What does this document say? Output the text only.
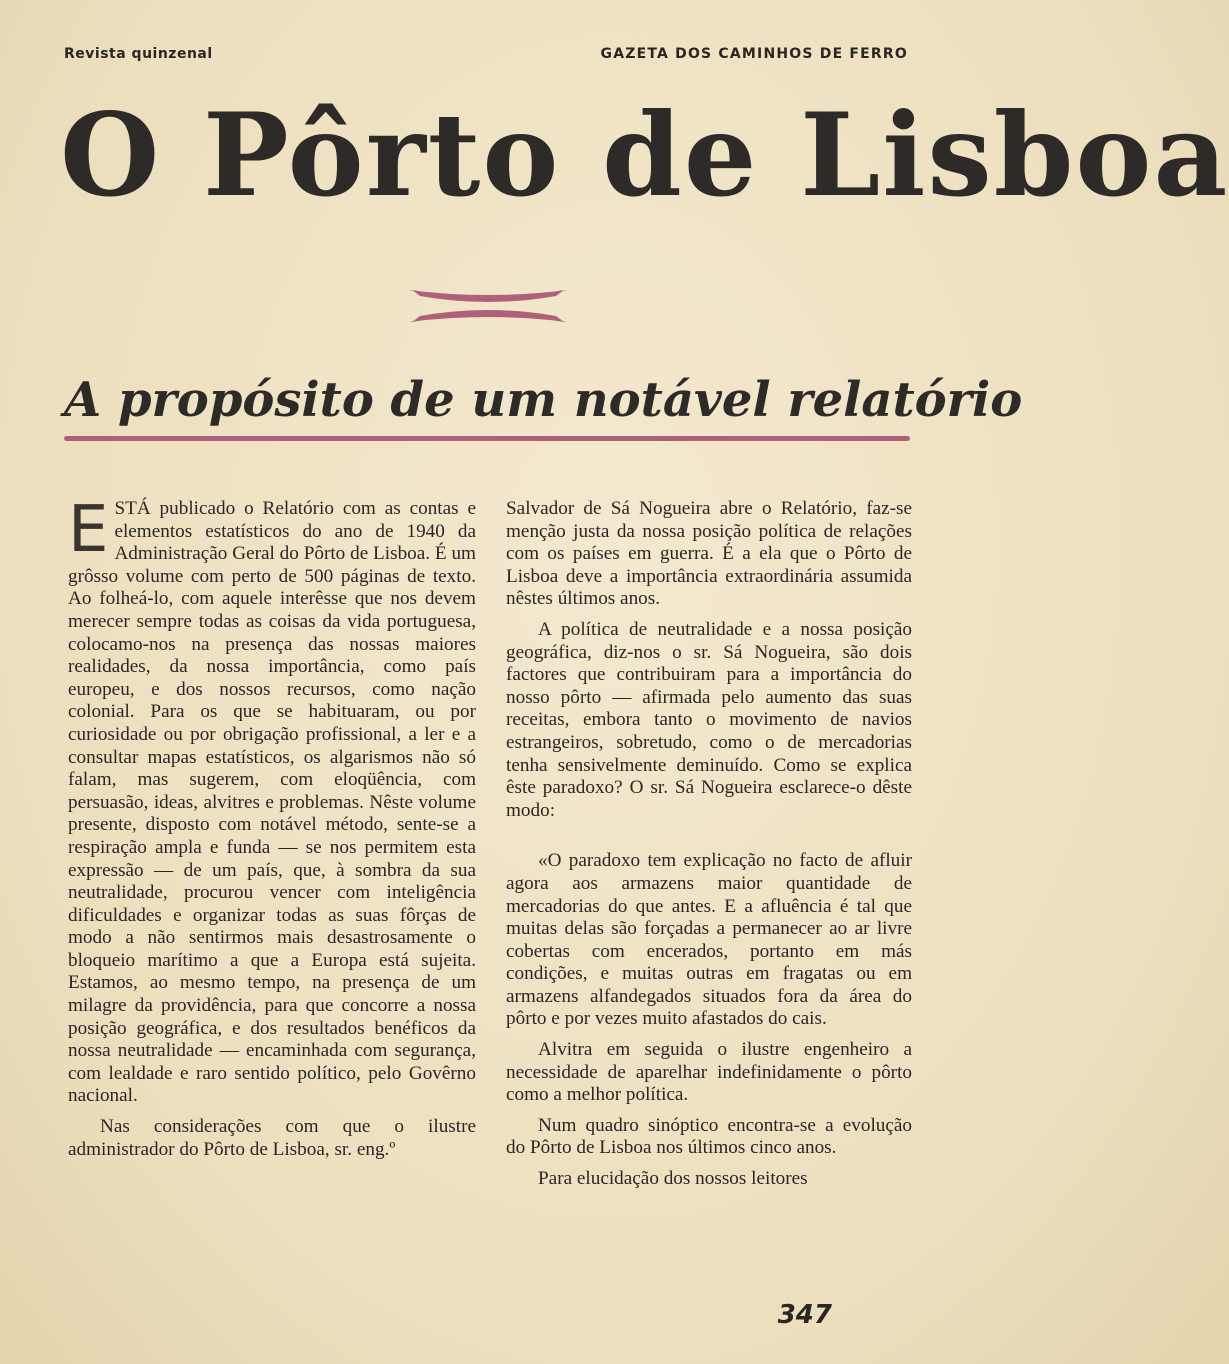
Revista quinzenal	GAZETA DOS CAMINHOS DE FERRO
O Pôrto de Lisboa
A propósito de um notável relatório

ESTÁ publicado o Relatório com as contas e elementos estatísticos do ano de 1940 da Administração Geral do Pôrto de Lisboa. É um grôsso volume com perto de 500 páginas de texto. Ao folheá-lo, com aquele interêsse que nos devem merecer sempre todas as coisas da vida portuguesa, colocamo-nos na presença das nossas maiores realidades, da nossa importância, como país europeu, e dos nossos recursos, como nação colonial. Para os que se habituaram, ou por curiosidade ou por obrigação profissional, a ler e a consultar mapas estatísticos, os algarismos não só falam, mas sugerem, com eloqüência, com persuasão, ideas, alvitres e problemas. Nêste volume presente, disposto com notável método, sente-se a respiração ampla e funda — se nos permitem esta expressão — de um país, que, à sombra da sua neutralidade, procurou vencer com inteligência dificuldades e organizar todas as suas fôrças de modo a não sentirmos mais desastrosamente o bloqueio marítimo a que a Europa está sujeita. Estamos, ao mesmo tempo, na presença de um milagre da providência, para que concorre a nossa posição geográfica, e dos resultados benéficos da nossa neutralidade — encaminhada com segurança, com lealdade e raro sentido político, pelo Govêrno nacional.

Nas considerações com que o ilustre administrador do Pôrto de Lisboa, sr. eng.º

Salvador de Sá Nogueira abre o Relatório, faz-se menção justa da nossa posição política de relações com os países em guerra. É a ela que o Pôrto de Lisboa deve a importância extraordinária assumida nêstes últimos anos.

A política de neutralidade e a nossa posição geográfica, diz-nos o sr. Sá Nogueira, são dois factores que contribuiram para a importância do nosso pôrto — afirmada pelo aumento das suas receitas, embora tanto o movimento de navios estrangeiros, sobretudo, como o de mercadorias tenha sensivelmente deminuído. Como se explica êste paradoxo? O sr. Sá Nogueira esclarece-o dêste modo:

«O paradoxo tem explicação no facto de afluir agora aos armazens maior quantidade de mercadorias do que antes. E a afluência é tal que muitas delas são forçadas a permanecer ao ar livre cobertas com encerados, portanto em más condições, e muitas outras em fragatas ou em armazens alfandegados situados fora da área do pôrto e por vezes muito afastados do cais.

Alvitra em seguida o ilustre engenheiro a necessidade de aparelhar indefinidamente o pôrto como a melhor política.

Num quadro sinóptico encontra-se a evolução do Pôrto de Lisboa nos últimos cinco anos.

Para elucidação dos nossos leitores

347
